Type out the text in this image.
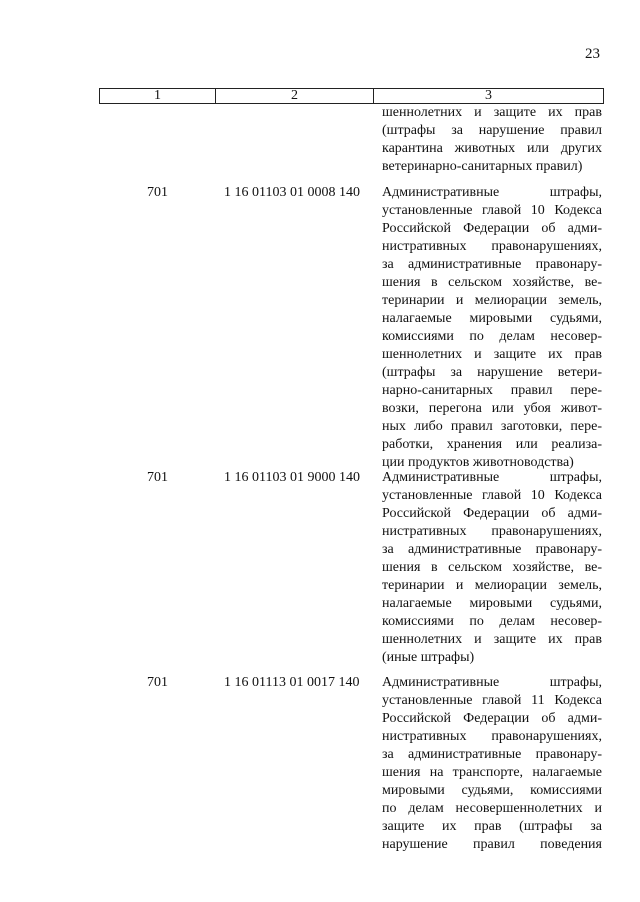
23
1	2	3
шеннолетних и защите их прав
(штрафы за нарушение правил
карантина животных или других
ветеринарно-санитарных правил)
701	1 16 01103 01 0008 140 Административные штрафы,
установленные главой 10 Кодекса
Российской Федерации об адми-
нистративных правонарушениях,
за административные правонару-
шения в сельском хозяйстве, ве-
теринарии и мелиорации земель,
налагаемые мировыми судьями,
комиссиями по делам несовер-
шеннолетних и защите их прав
(штрафы за нарушение ветери-
нарно-санитарных правил пере-
возки, перегона или убоя живот-
ных либо правил заготовки, пере-
работки, хранения или реализа-
ции продуктов животноводства)
701	1 16 01103 01 9000 140 Административные штрафы,
установленные главой 10 Кодекса
Российской Федерации об адми-
нистративных правонарушениях,
за административные правонару-
шения в сельском хозяйстве, ве-
теринарии и мелиорации земель,
налагаемые мировыми судьями,
комиссиями по делам несовер-
шеннолетних и защите их прав
(иные штрафы)
701	1 16 01113 01 0017 140 Административные штрафы,
установленные главой 11 Кодекса
Российской Федерации об адми-
нистративных правонарушениях,
за административные правонару-
шения на транспорте, налагаемые
мировыми судьями, комиссиями
по делам несовершеннолетних и
защите их прав (штрафы за
нарушение правил поведения
